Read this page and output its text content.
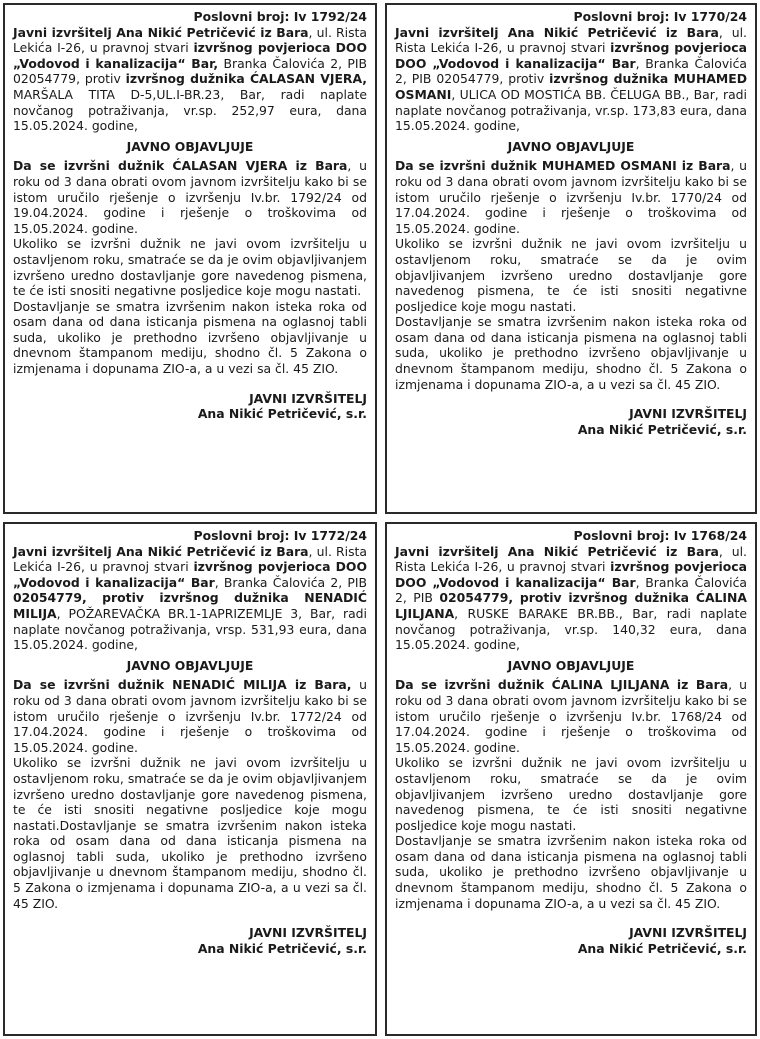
Poslovni broj: Iv 1792/24
Javni izvršitelj Ana Nikić Petričević iz Bara, ul. Rista Lekića I-26, u pravnoj stvari izvršnog povjerioca DOO „Vodovod i kanalizacija“ Bar, Branka Čalovića 2, PIB 02054779, protiv izvršnog dužnika ĆALASAN VJERA, MARŠALA TITA D-5,UL.I-BR.23, Bar, radi naplate novčanog potraživanja, vr.sp. 252,97 eura, dana 15.05.2024. godine,
JAVNO OBJAVLJUJE
Da se izvršni dužnik ĆALASAN VJERA iz Bara, u roku od 3 dana obrati ovom javnom izvršitelju kako bi se istom uručilo rješenje o izvršenju Iv.br. 1792/24 od 19.04.2024. godine i rješenje o troškovima od 15.05.2024. godine.
Ukoliko se izvršni dužnik ne javi ovom izvršitelju u ostavljenom roku, smatraće se da je ovim objavljivanjem izvršeno uredno dostavljanje gore navedenog pismena, te će isti snositi negativne posljedice koje mogu nastati.
Dostavljanje se smatra izvršenim nakon isteka roka od osam dana od dana isticanja pismena na oglasnoj tabli suda, ukoliko je prethodno izvršeno objavljivanje u dnevnom štampanom mediju, shodno čl. 5 Zakona o izmjenama i dopunama ZIO-a, a u vezi sa čl. 45 ZIO.
JAVNI IZVRŠITELJ
Ana Nikić Petričević, s.r.
Poslovni broj: Iv 1770/24
Javni izvršitelj Ana Nikić Petričević iz Bara, ul. Rista Lekića I-26, u pravnoj stvari izvršnog povjerioca DOO „Vodovod i kanalizacija“ Bar, Branka Čalovića 2, PIB 02054779, protiv izvršnog dužnika MUHAMED OSMANI, ULICA OD MOSTIĆA BB. ČELUGA BB., Bar, radi naplate novčanog potraživanja, vr.sp. 173,83 eura, dana 15.05.2024. godine,
JAVNO OBJAVLJUJE
Da se izvršni dužnik MUHAMED OSMANI iz Bara, u roku od 3 dana obrati ovom javnom izvršitelju kako bi se istom uručilo rješenje o izvršenju Iv.br. 1770/24 od 17.04.2024. godine i rješenje o troškovima od 15.05.2024. godine.
Ukoliko se izvršni dužnik ne javi ovom izvršitelju u ostavljenom roku, smatraće se da je ovim objavljivanjem izvršeno uredno dostavljanje gore navedenog pismena, te će isti snositi negativne posljedice koje mogu nastati.
Dostavljanje se smatra izvršenim nakon isteka roka od osam dana od dana isticanja pismena na oglasnoj tabli suda, ukoliko je prethodno izvršeno objavljivanje u dnevnom štampanom mediju, shodno čl. 5 Zakona o izmjenama i dopunama ZIO-a, a u vezi sa čl. 45 ZIO.
JAVNI IZVRŠITELJ
Ana Nikić Petričević, s.r.
Poslovni broj: Iv 1772/24
Javni izvršitelj Ana Nikić Petričević iz Bara, ul. Rista Lekića I-26, u pravnoj stvari izvršnog povjerioca DOO „Vodovod i kanalizacija“ Bar, Branka Čalovića 2, PIB 02054779, protiv izvršnog dužnika NENADIĆ MILIJA, POŽAREVAČKA BR.1-1APRIZEMLJE 3, Bar, radi naplate novčanog potraživanja, vrsp. 531,93 eura, dana 15.05.2024. godine,
JAVNO OBJAVLJUJE
Da se izvršni dužnik NENADIĆ MILIJA iz Bara, u roku od 3 dana obrati ovom javnom izvršitelju kako bi se istom uručilo rješenje o izvršenju Iv.br. 1772/24 od 17.04.2024. godine i rješenje o troškovima od 15.05.2024. godine.
Ukoliko se izvršni dužnik ne javi ovom izvršitelju u ostavljenom roku, smatraće se da je ovim objavljivanjem izvršeno uredno dostavljanje gore navedenog pismena, te će isti snositi negativne posljedice koje mogu nastati.Dostavljanje se smatra izvršenim nakon isteka roka od osam dana od dana isticanja pismena na oglasnoj tabli suda, ukoliko je prethodno izvršeno objavljivanje u dnevnom štampanom mediju, shodno čl. 5 Zakona o izmjenama i dopunama ZIO-a, a u vezi sa čl. 45 ZIO.
JAVNI IZVRŠITELJ
Ana Nikić Petričević, s.r.
Poslovni broj: Iv 1768/24
Javni izvršitelj Ana Nikić Petričević iz Bara, ul. Rista Lekića I-26, u pravnoj stvari izvršnog povjerioca DOO „Vodovod i kanalizacija“ Bar, Branka Čalovića 2, PIB 02054779, protiv izvršnog dužnika ĆALINA LJILJANA, RUSKE BARAKE BR.BB., Bar, radi naplate novčanog potraživanja, vr.sp. 140,32 eura, dana 15.05.2024. godine,
JAVNO OBJAVLJUJE
Da se izvršni dužnik ĆALINA LJILJANA iz Bara, u roku od 3 dana obrati ovom javnom izvršitelju kako bi se istom uručilo rješenje o izvršenju Iv.br. 1768/24 od 17.04.2024. godine i rješenje o troškovima od 15.05.2024. godine.
Ukoliko se izvršni dužnik ne javi ovom izvršitelju u ostavljenom roku, smatraće se da je ovim objavljivanjem izvršeno uredno dostavljanje gore navedenog pismena, te će isti snositi negativne posljedice koje mogu nastati.
Dostavljanje se smatra izvršenim nakon isteka roka od osam dana od dana isticanja pismena na oglasnoj tabli suda, ukoliko je prethodno izvršeno objavljivanje u dnevnom štampanom mediju, shodno čl. 5 Zakona o izmjenama i dopunama ZIO-a, a u vezi sa čl. 45 ZIO.
JAVNI IZVRŠITELJ
Ana Nikić Petričević, s.r.
